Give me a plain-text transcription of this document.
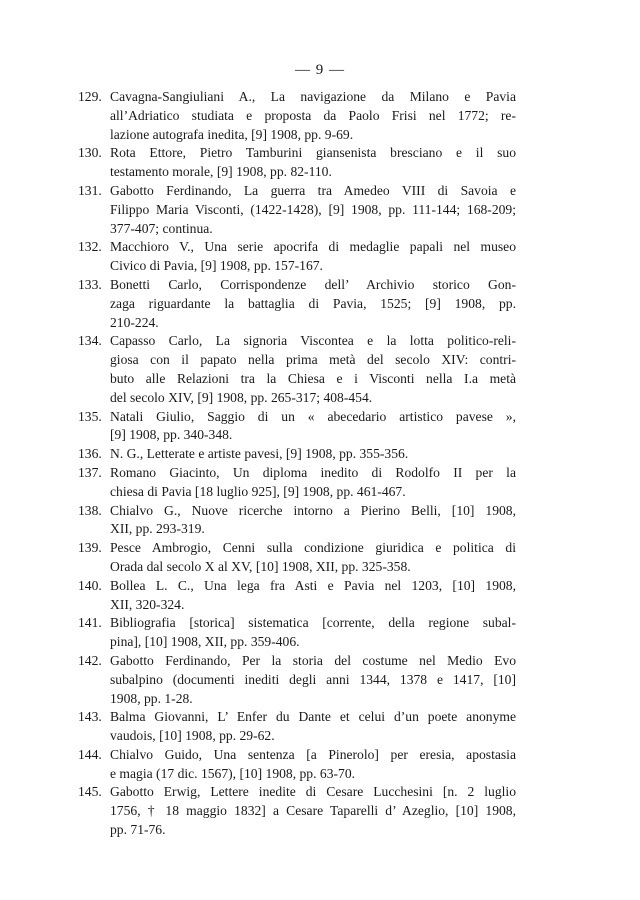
— 9 —
129. Cavagna-Sangiuliani A., La navigazione da Milano e Pavia
all’Adriatico studiata e proposta da Paolo Frisi nel 1772; re-
lazione autografa inedita, [9] 1908, pp. 9-69.
130. Rota Ettore, Pietro Tamburini giansenista bresciano e il suo
testamento morale, [9] 1908, pp. 82-110.
131. Gabotto Ferdinando, La guerra tra Amedeo VIII di Savoia e
Filippo Maria Visconti, (1422-1428), [9] 1908, pp. 111-144; 168-209;
377-407; continua.
132. Macchioro V., Una serie apocrifa di medaglie papali nel museo
Civico di Pavia, [9] 1908, pp. 157-167.
133. Bonetti Carlo, Corrispondenze dell’ Archivio storico Gon-
zaga riguardante la battaglia di Pavia, 1525; [9] 1908, pp.
210-224.
134. Capasso Carlo, La signoria Viscontea e la lotta politico-reli-
giosa con il papato nella prima metà del secolo XIV: contri-
buto alle Relazioni tra la Chiesa e i Visconti nella I.a metà
del secolo XIV, [9] 1908, pp. 265-317; 408-454.
135. Natali Giulio, Saggio di un « abecedario artistico pavese »,
[9] 1908, pp. 340-348.
136. N. G., Letterate e artiste pavesi, [9] 1908, pp. 355-356.
137. Romano Giacinto, Un diploma inedito di Rodolfo II per la
chiesa di Pavia [18 luglio 925], [9] 1908, pp. 461-467.
138. Chialvo G., Nuove ricerche intorno a Pierino Belli, [10] 1908,
XII, pp. 293-319.
139. Pesce Ambrogio, Cenni sulla condizione giuridica e politica di
Orada dal secolo X al XV, [10] 1908, XII, pp. 325-358.
140. Bollea L. C., Una lega fra Asti e Pavia nel 1203, [10] 1908,
XII, 320-324.
141. Bibliografia [storica] sistematica [corrente, della regione subal-
pina], [10] 1908, XII, pp. 359-406.
142. Gabotto Ferdinando, Per la storia del costume nel Medio Evo
subalpino (documenti inediti degli anni 1344, 1378 e 1417, [10]
1908, pp. 1-28.
143. Balma Giovanni, L’ Enfer du Dante et celui d’un poete anonyme
vaudois, [10] 1908, pp. 29-62.
144. Chialvo Guido, Una sentenza [a Pinerolo] per eresia, apostasia
e magia (17 dic. 1567), [10] 1908, pp. 63-70.
145. Gabotto Erwig, Lettere inedite di Cesare Lucchesini [n. 2 luglio
1756, † 18 maggio 1832] a Cesare Taparelli d’ Azeglio, [10] 1908,
pp. 71-76.
